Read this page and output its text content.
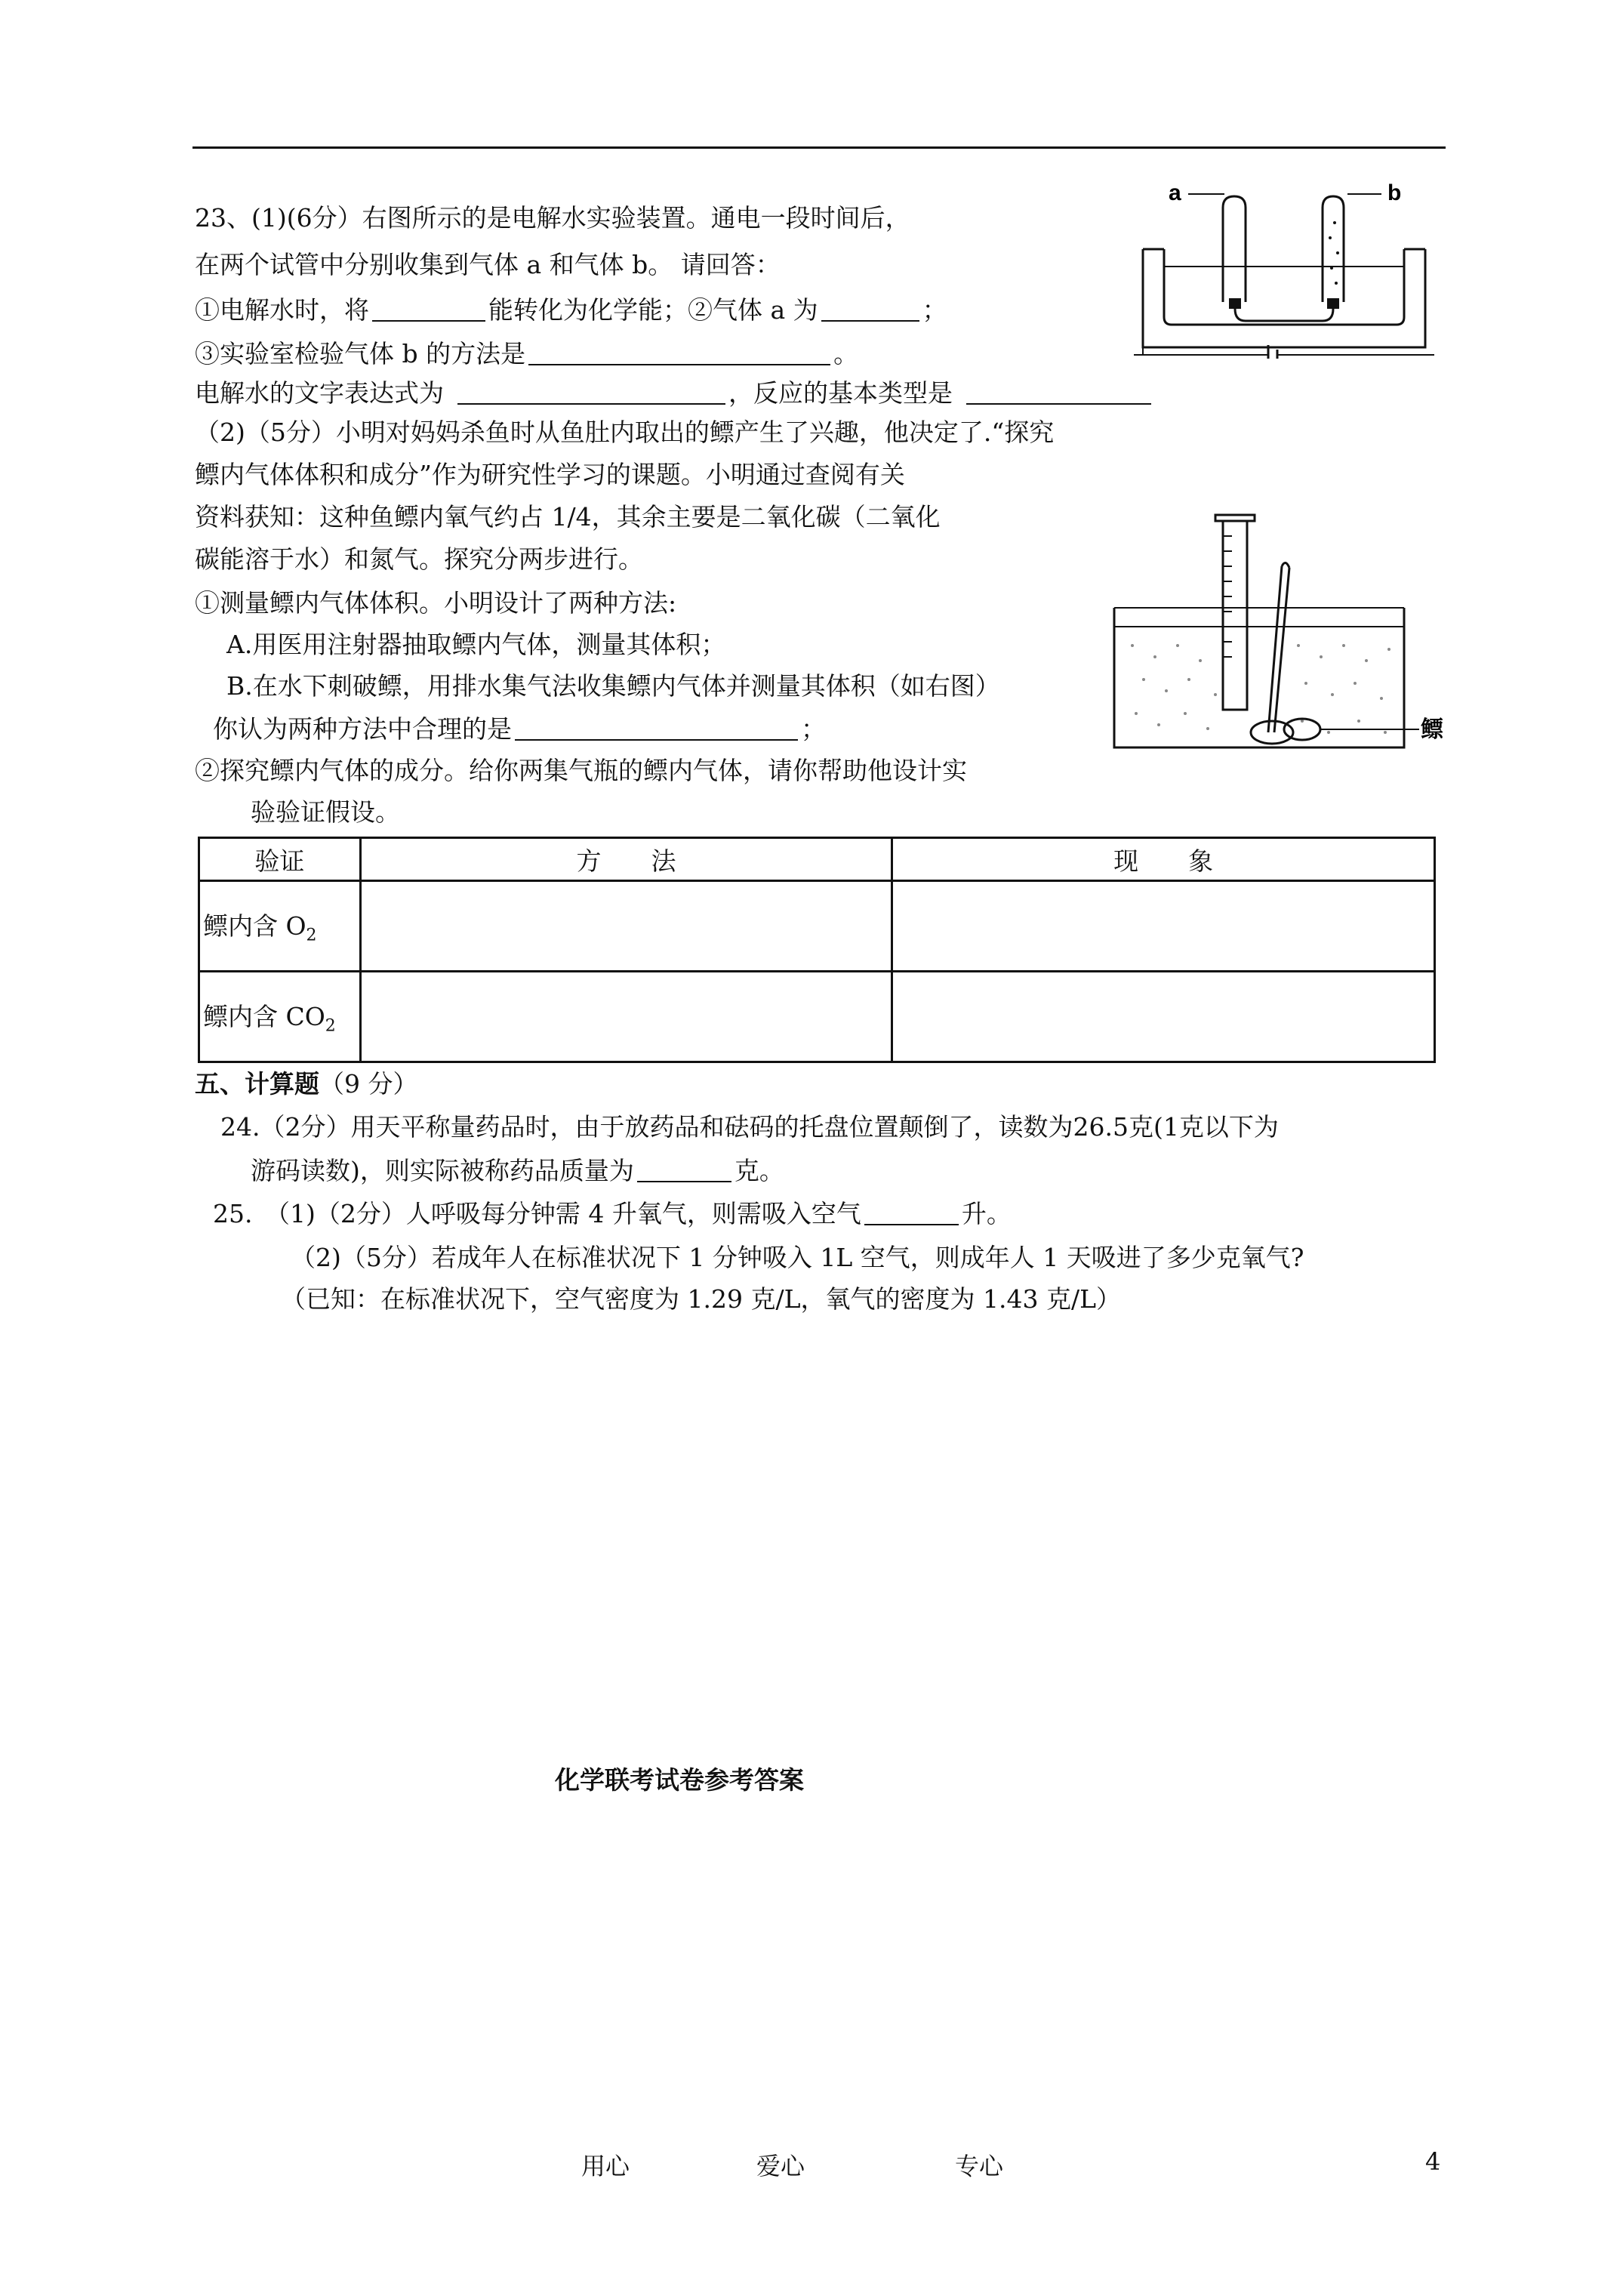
23、(1)(6分）右图所示的是电解水实验装置。通电一段时间后，
在两个试管中分别收集到气体 a 和气体 b。 请回答：
①电解水时，将	能转化为化学能；②气体 a 为	；
③实验室检验气体 b 的方法是	。
电解水的文字表达式为	，反应的基本类型是
（2)（5分）小明对妈妈杀鱼时从鱼肚内取出的鳔产生了兴趣，他决定了.“探究
鳔内气体体积和成分”作为研究性学习的课题。小明通过查阅有关
资料获知：这种鱼鳔内氧气约占 1/4，其余主要是二氧化碳（二氧化
碳能溶于水）和氮气。探究分两步进行。
①测量鳔内气体体积。小明设计了两种方法:
A.用医用注射器抽取鳔内气体，测量其体积；
B.在水下刺破鳔，用排水集气法收集鳔内气体并测量其体积（如右图）
你认为两种方法中合理的是	；
②探究鳔内气体的成分。给你两集气瓶的鳔内气体，请你帮助他设计实
验验证假设。
a	b
鳔
验证	方　　法	现　　象
鳔内含 $O_2$		
鳔内含 $CO_2$		
五、计算题（9 分）
24.（2分）用天平称量药品时，由于放药品和砝码的托盘位置颠倒了，读数为26.5克(1克以下为
游码读数)，则实际被称药品质量为	克。
25.　（1)（2分）人呼吸每分钟需 4 升氧气，则需吸入空气	升。
（2)（5分）若成年人在标准状况下 1 分钟吸入 1L 空气，则成年人 1 天吸进了多少克氧气?
（已知：在标准状况下，空气密度为 1.29 克/L，氧气的密度为 1.43 克/L）
化学联考试卷参考答案
用心	爱心	专心	4
